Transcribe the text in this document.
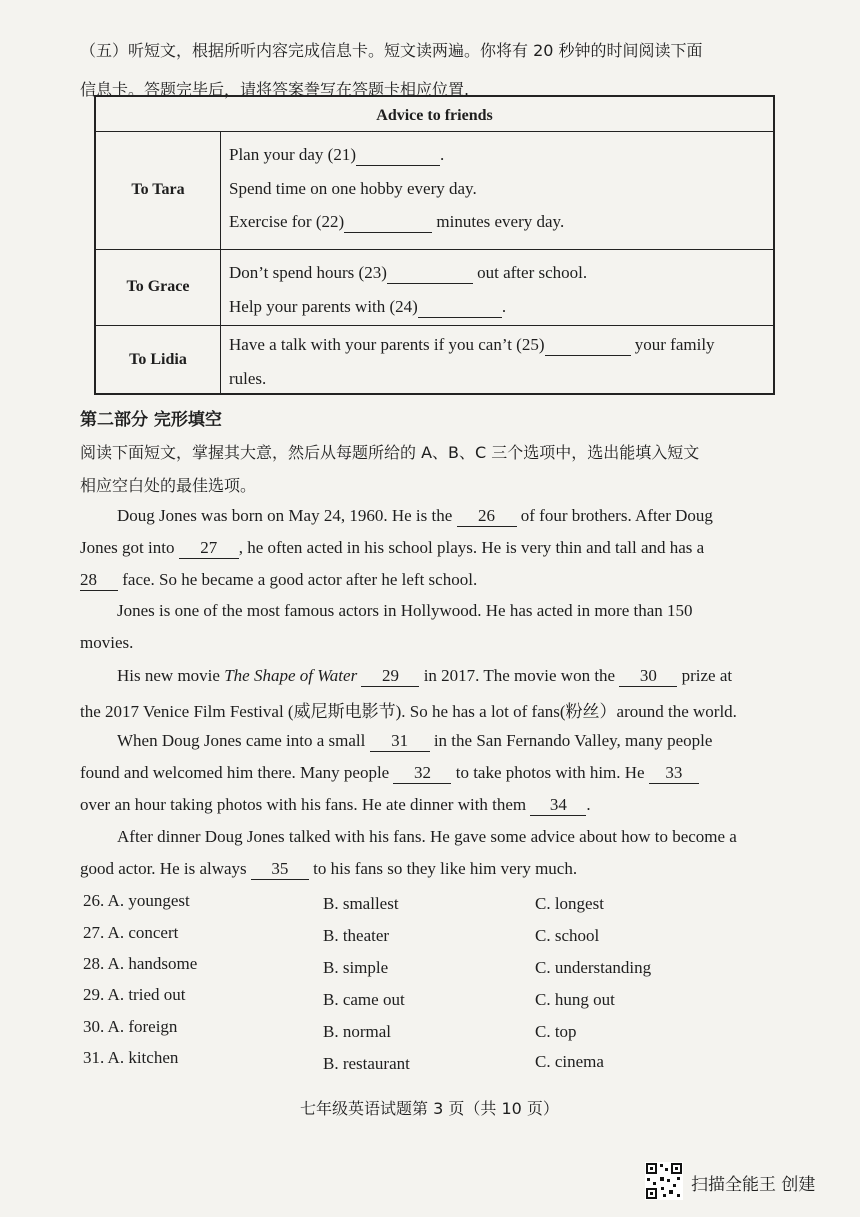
（五）听短文，根据所听内容完成信息卡。短文读两遍。你将有 20 秒钟的时间阅读下面
信息卡。答题完毕后，请将答案誊写在答题卡相应位置.
Advice to friends
To Tara
Plan your day (21)	.
Spend time on one hobby every day.
Exercise for (22)	minutes every day.
To Grace
Don’t spend hours (23)	out after school.
Help your parents with (24)	.
To Lidia
Have a talk with your parents if you can’t (25)	your family
rules.
第二部分 完形填空
阅读下面短文，掌握其大意，然后从每题所给的 A、B、C 三个选项中，选出能填入短文
相应空白处的最佳选项。
Doug Jones was born on May 24, 1960. He is the 26 of four brothers. After Doug
Jones got into 27 , he often acted in his school plays. He is very thin and tall and has a
28 face. So he became a good actor after he left school.
Jones is one of the most famous actors in Hollywood. He has acted in more than 150
movies.
His new movie The Shape of Water 29 in 2017. The movie won the 30 prize at
the 2017 Venice Film Festival (威尼斯电影节). So he has a lot of fans(粉丝）around the world.
When Doug Jones came into a small 31 in the San Fernando Valley, many people
found and welcomed him there. Many people 32 to take photos with him. He 33
over an hour taking photos with his fans. He ate dinner with them 34 .
After dinner Doug Jones talked with his fans. He gave some advice about how to become a
good actor. He is always 35 to his fans so they like him very much.
26. A. youngest	B. smallest	C. longest
27. A. concert	B. theater	C. school
28. A. handsome	B. simple	C. understanding
29. A. tried out	B. came out	C. hung out
30. A. foreign	B. normal	C. top
31. A. kitchen	B. restaurant	C. cinema
七年级英语试题第 3 页（共 10 页）
扫描全能王 创建
